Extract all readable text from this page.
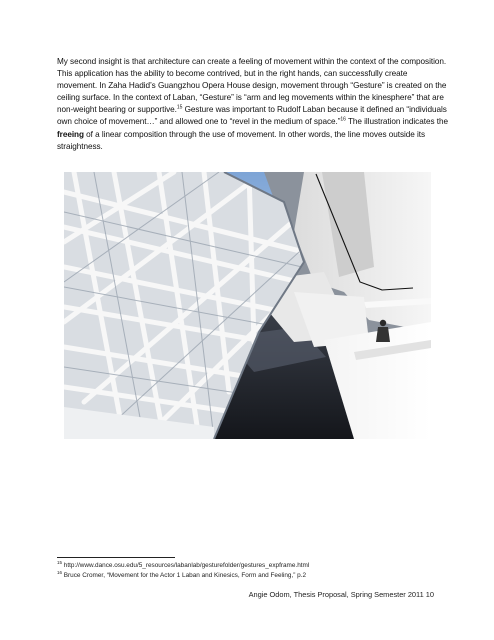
My second insight is that architecture can create a feeling of movement within the context of the composition. This application has the ability to become contrived, but in the right hands, can successfully create movement. In Zaha Hadid’s Guangzhou Opera House design, movement through “Gesture” is created on the ceiling surface. In the context of Laban, “Gesture” is “arm and leg movements within the kinesphere” that are non-weight bearing or supportive.$^{15}$ Gesture was important to Rudolf Laban because it defined an “individuals own choice of movement…” and allowed one to “revel in the medium of space.”$^{16}$ The illustration indicates the freeing of a linear composition through the use of movement. In other words, the line moves outside its straightness.

$^{15}$ http://www.dance.osu.edu/5_resources/labanlab/gesturefolder/gestures_expframe.html
$^{16}$ Bruce Cromer, “Movement for the Actor 1 Laban and Kinesics, Form and Feeling,” p.2
Angie Odom, Thesis Proposal, Spring Semester 2011 10
